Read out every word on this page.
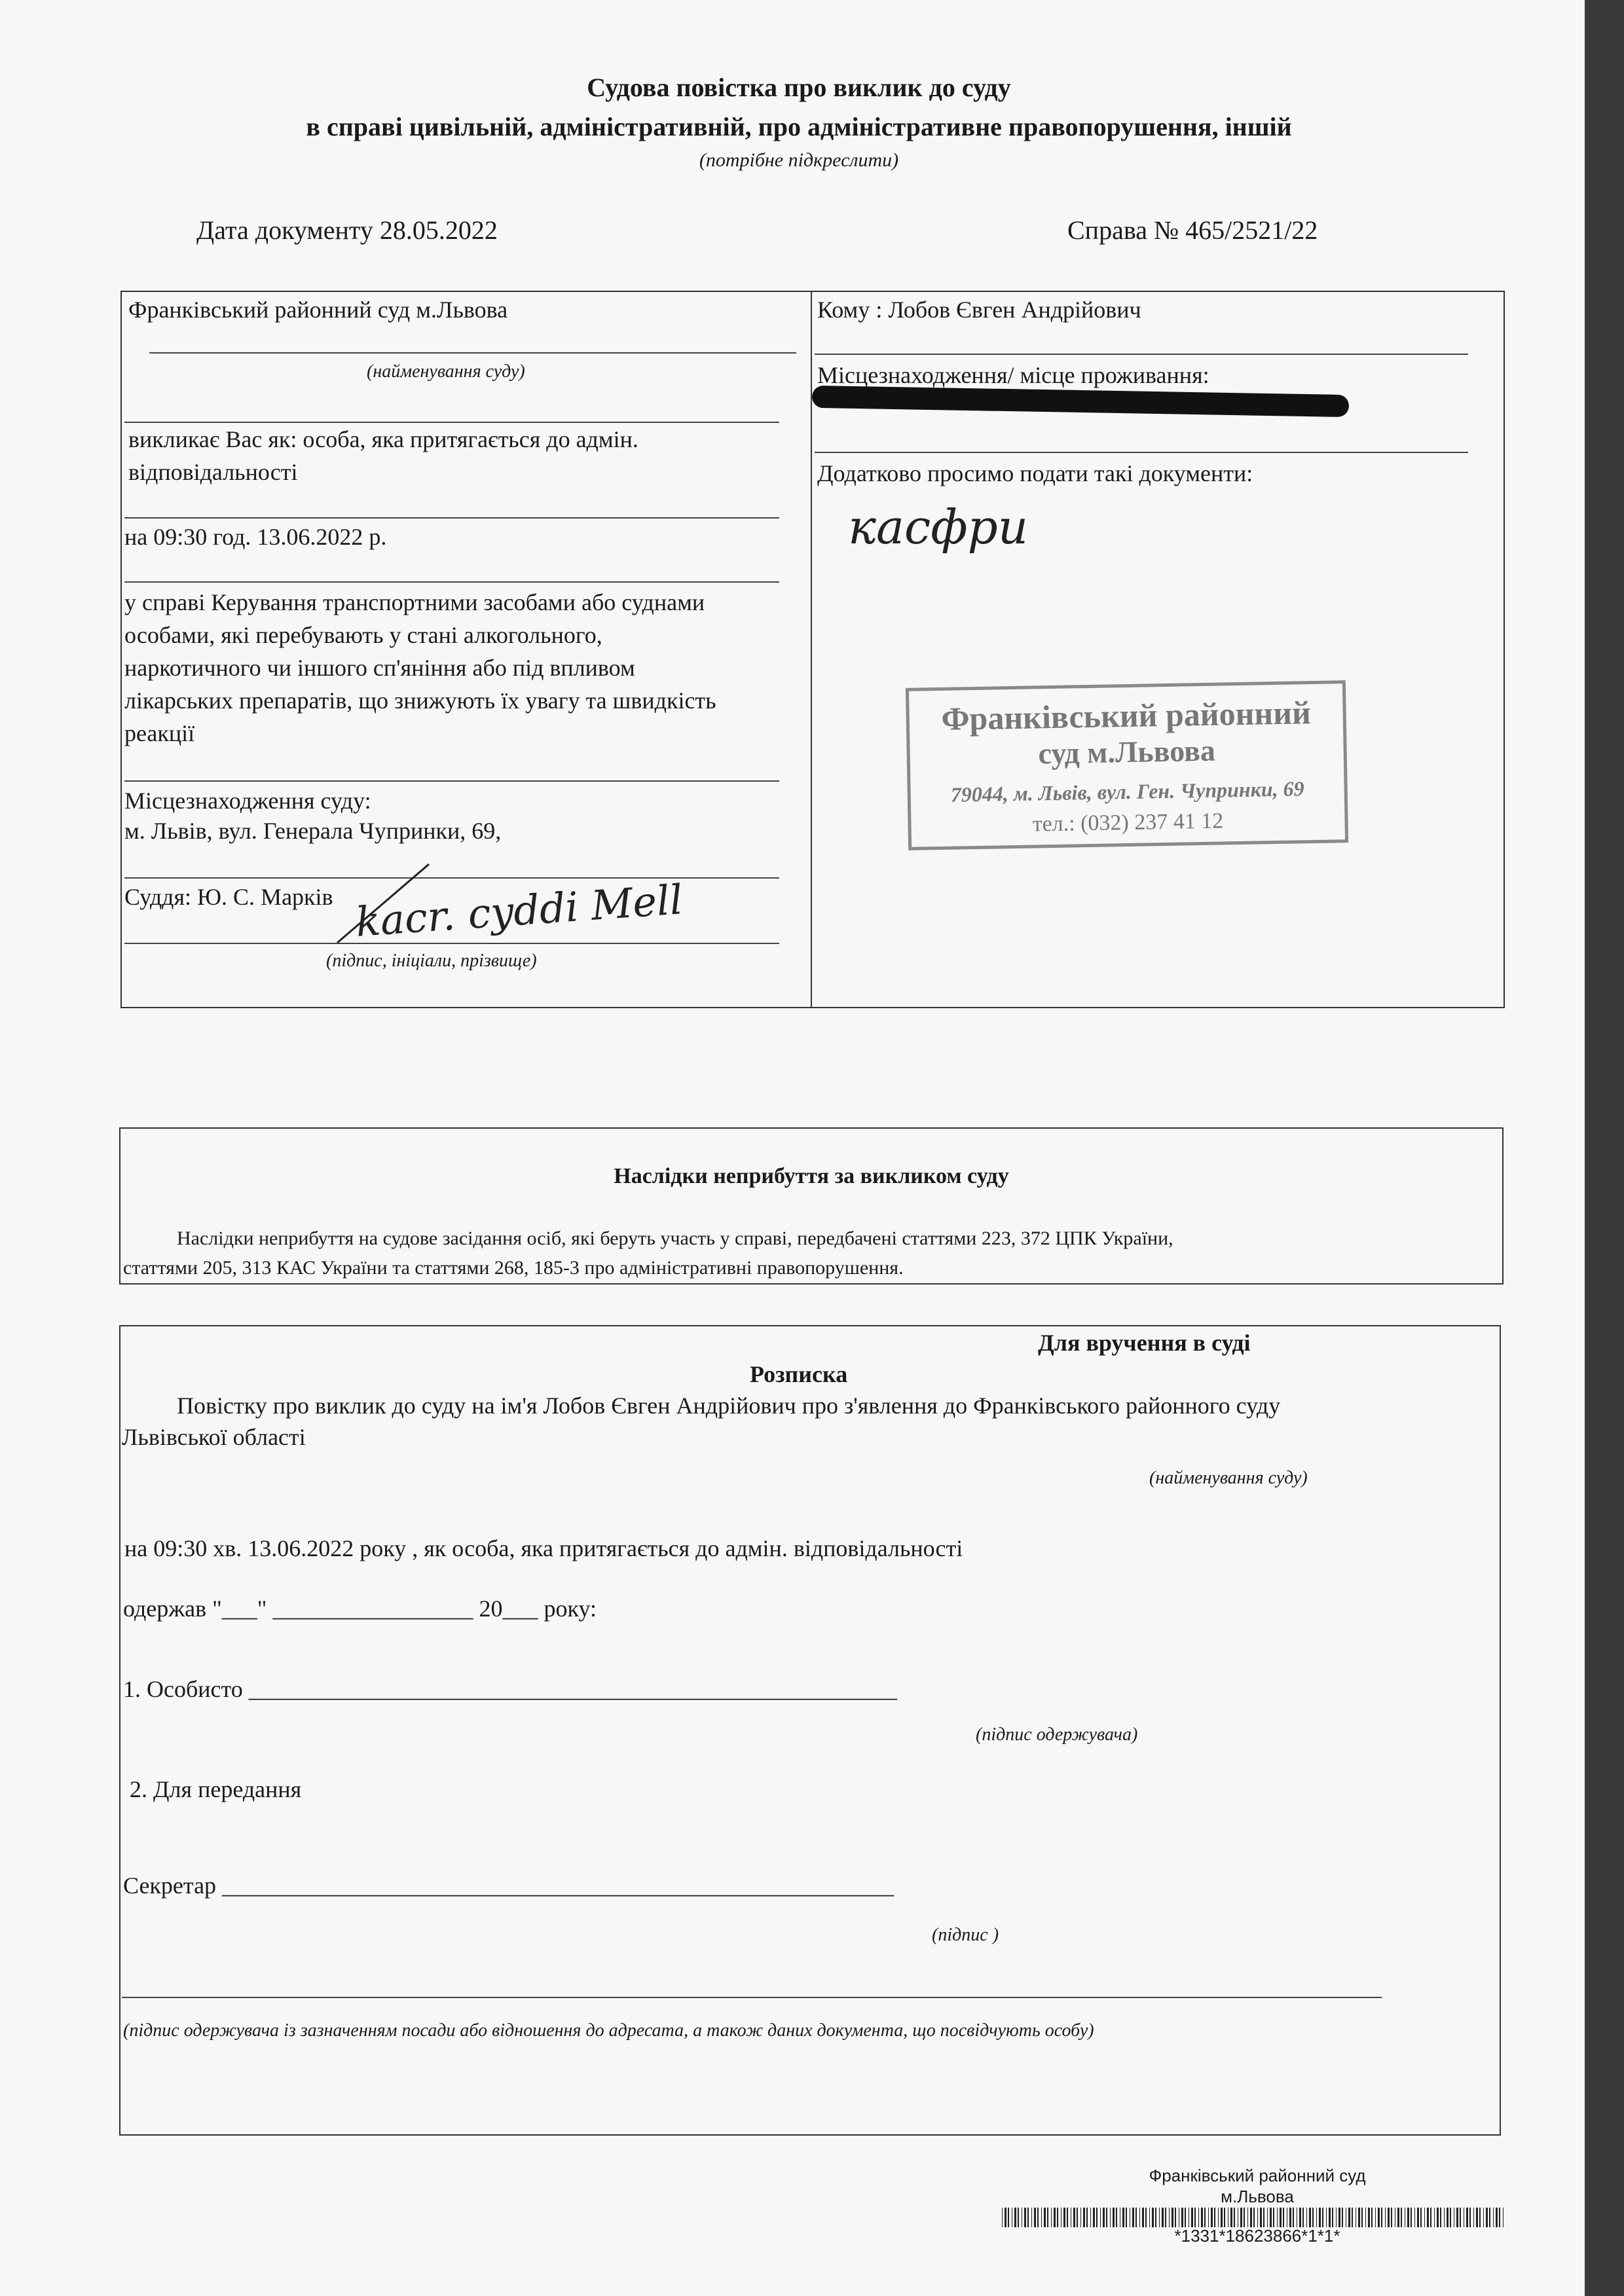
Судова повістка про виклик до суду
в справі цивільній, адміністративній, про адміністративне правопорушення, іншій
(потрібне підкреслити)
Дата документу 28.05.2022	Справа № 465/2521/22
Франківський районний суд м.Львова
(найменування суду)
викликає Вас як: особа, яка притягається до адмін.
відповідальності
на 09:30 год. 13.06.2022 р.
у справі Керування транспортними засобами або суднами
особами, які перебувають у стані алкогольного,
наркотичного чи іншого сп'яніння або під впливом
лікарських препаратів, що знижують їх увагу та швидкість
реакції
Місцезнаходження суду:
м. Львів, вул. Генерала Чупринки, 69,
Суддя: Ю. С. Марків
(підпис, ініціали, прізвище)
kacr. cyddi Mell
Кому : Лобов Євген Андрійович
Місцезнаходження/ місце проживання:
Додатково просимо подати такі документи:
касфри
Франківський районний
суд м.Львова
79044, м. Львів, вул. Ген. Чупринки, 69
тел.: (032) 237 41 12
Наслідки неприбуття за викликом суду
Наслідки неприбуття на судове засідання осіб, які беруть участь у справі, передбачені статтями 223, 372 ЦПК України,
статтями 205, 313 КАС України та статтями 268, 185-3 про адміністративні правопорушення.
Для вручення в суді
Розписка
Повістку про виклик до суду на ім'я Лобов Євген Андрійович про з'явлення до Франківського районного суду
Львівської області
(найменування суду)
на 09:30 хв. 13.06.2022 року , як особа, яка притягається до адмін. відповідальності
одержав "___" _________________ 20___ року:
1. Особисто _______________________________________________________
(підпис одержувача)
2. Для передання
Секретар _________________________________________________________
(підпис )
(підпис одержувача із зазначенням посади або відношення до адресата, а також даних документа, що посвідчують особу)
Франківський районний суд
м.Львова
*1331*18623866*1*1*
